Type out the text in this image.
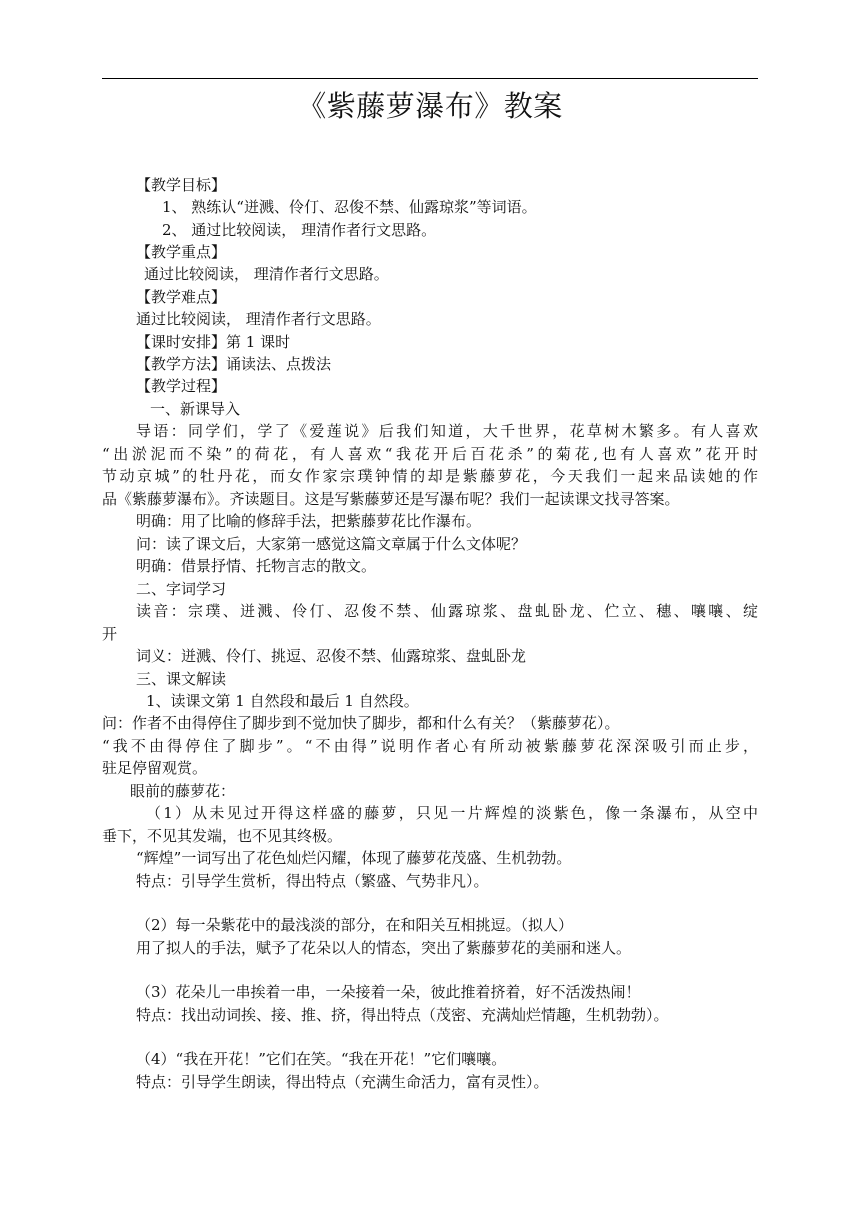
《紫藤萝瀑布》教案
【教学目标】
1、 熟练认“迸溅、伶仃、忍俊不禁、仙露琼浆”等词语。
2、 通过比较阅读， 理清作者行文思路。
【教学重点】
通过比较阅读， 理清作者行文思路。
【教学难点】
通过比较阅读， 理清作者行文思路。
【课时安排】第 1 课时
【教学方法】诵读法、点拨法
【教学过程】
一、新课导入
导语：同学们，学了《爱莲说》后我们知道，大千世界，花草树木繁多。有人喜欢
“出淤泥而不染”的荷花，有人喜欢“我花开后百花杀”的菊花,也有人喜欢”花开时
节动京城”的牡丹花，而女作家宗璞钟情的却是紫藤萝花，今天我们一起来品读她的作
品《紫藤萝瀑布》。齐读题目。这是写紫藤萝还是写瀑布呢？我们一起读课文找寻答案。
明确：用了比喻的修辞手法，把紫藤萝花比作瀑布。
问：读了课文后，大家第一感觉这篇文章属于什么文体呢？
明确：借景抒情、托物言志的散文。
二、字词学习
读音：宗璞、迸溅、伶仃、忍俊不禁、仙露琼浆、盘虬卧龙、伫立、穗、嚷嚷、绽
开
词义：迸溅、伶仃、挑逗、忍俊不禁、仙露琼浆、盘虬卧龙
三、课文解读
1、读课文第 1 自然段和最后 1 自然段。
问：作者不由得停住了脚步到不觉加快了脚步，都和什么有关？（紫藤萝花）。
“我不由得停住了脚步”。“不由得”说明作者心有所动被紫藤萝花深深吸引而止步，
驻足停留观赏。
眼前的藤萝花：
（1）从未见过开得这样盛的藤萝，只见一片辉煌的淡紫色，像一条瀑布，从空中
垂下，不见其发端，也不见其终极。
“辉煌”一词写出了花色灿烂闪耀，体现了藤萝花茂盛、生机勃勃。
特点：引导学生赏析，得出特点（繁盛、气势非凡）。
（2）每一朵紫花中的最浅淡的部分，在和阳关互相挑逗。（拟人）
用了拟人的手法，赋予了花朵以人的情态，突出了紫藤萝花的美丽和迷人。
（3）花朵儿一串挨着一串，一朵接着一朵，彼此推着挤着，好不活泼热闹！
特点：找出动词挨、接、推、挤，得出特点（茂密、充满灿烂情趣，生机勃勃）。
（4）“我在开花！”它们在笑。“我在开花！”它们嚷嚷。
特点：引导学生朗读，得出特点（充满生命活力，富有灵性）。
